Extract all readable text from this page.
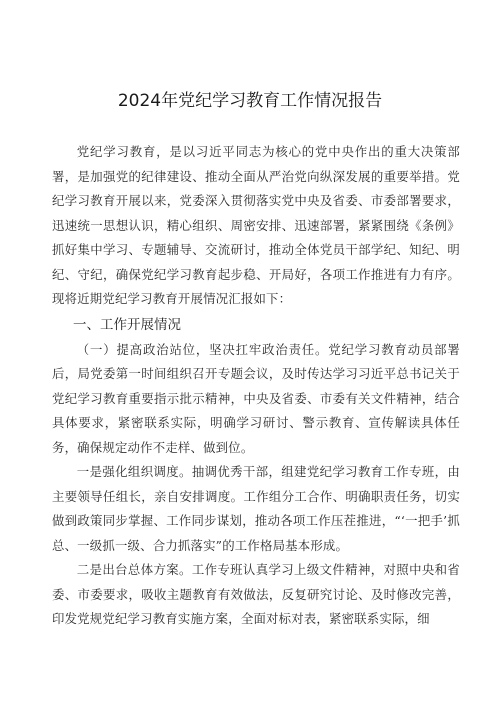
2024年党纪学习教育工作情况报告

党纪学习教育，是以习近平同志为核心的党中央作出的重大决策部署，是加强党的纪律建设、推动全面从严治党向纵深发展的重要举措。党纪学习教育开展以来，党委深入贯彻落实党中央及省委、市委部署要求，迅速统一思想认识，精心组织、周密安排、迅速部署，紧紧围绕《条例》抓好集中学习、专题辅导、交流研讨，推动全体党员干部学纪、知纪、明纪、守纪，确保党纪学习教育起步稳、开局好，各项工作推进有力有序。现将近期党纪学习教育开展情况汇报如下：

一、工作开展情况

（一）提高政治站位，坚决扛牢政治责任。党纪学习教育动员部署后，局党委第一时间组织召开专题会议，及时传达学习习近平总书记关于党纪学习教育重要指示批示精神，中央及省委、市委有关文件精神，结合具体要求，紧密联系实际，明确学习研讨、警示教育、宣传解读具体任务，确保规定动作不走样、做到位。

一是强化组织调度。抽调优秀干部，组建党纪学习教育工作专班，由主要领导任组长，亲自安排调度。工作组分工合作、明确职责任务，切实做到政策同步掌握、工作同步谋划，推动各项工作压茬推进，“‘一把手’抓总、一级抓一级、合力抓落实”的工作格局基本形成。

二是出台总体方案。工作专班认真学习上级文件精神，对照中央和省委、市委要求，吸收主题教育有效做法，反复研究讨论、及时修改完善，印发党规党纪学习教育实施方案，全面对标对表，紧密联系实际，细
